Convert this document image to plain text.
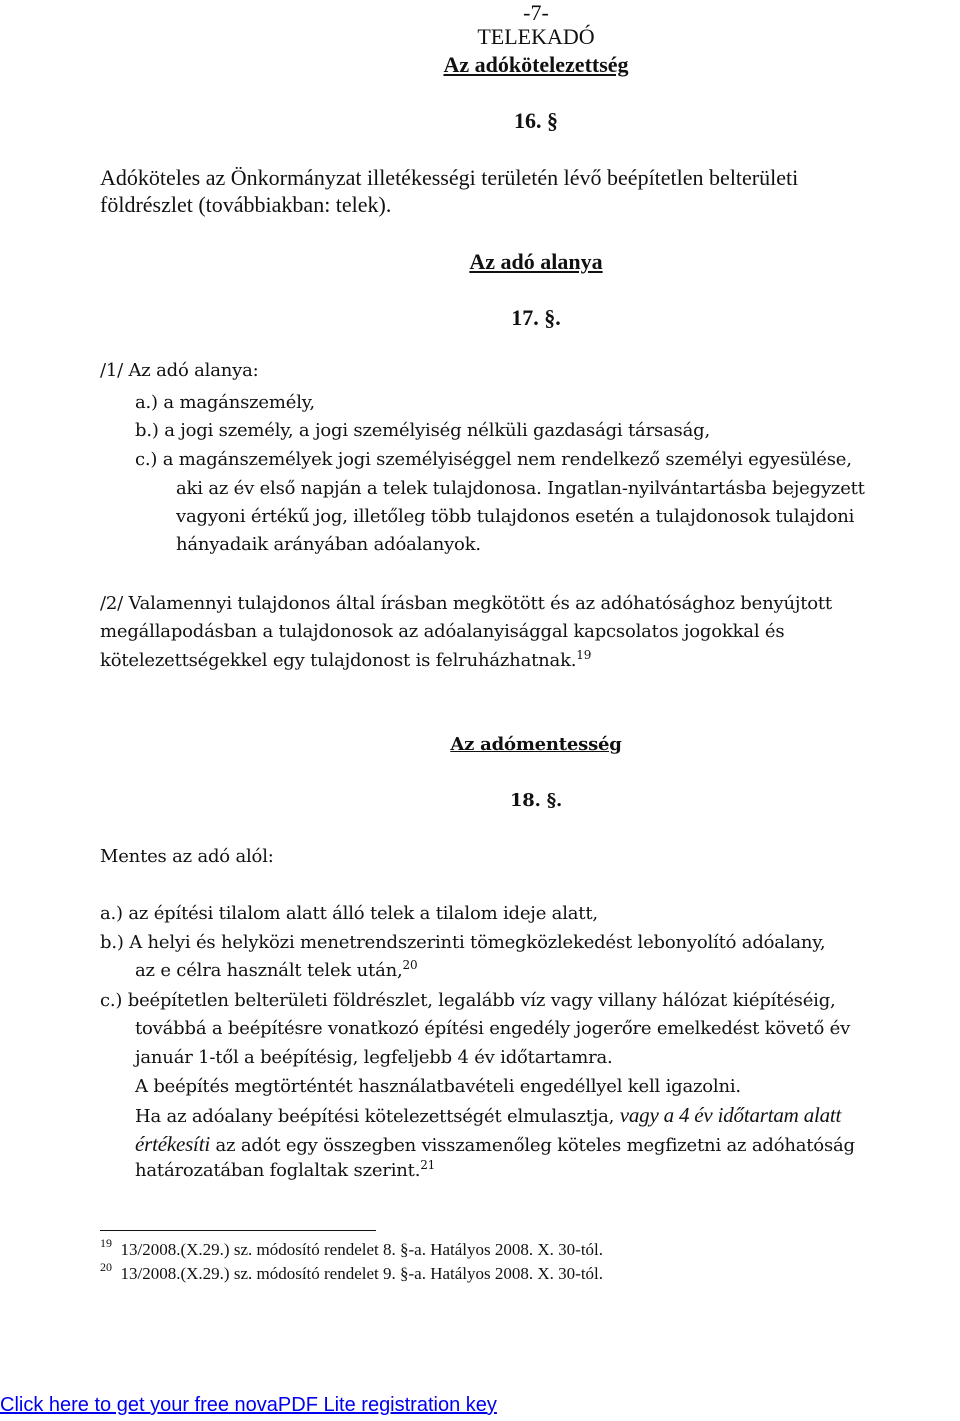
-7-
TELEKADÓ
Az adókötelezettség
16. §
Adóköteles az Önkormányzat illetékességi területén lévő beépítetlen belterületi
földrészlet (továbbiakban: telek).
Az adó alanya
17. §.
/1/ Az adó alanya:
a.) a magánszemély,
b.) a jogi személy, a jogi személyiség nélküli gazdasági társaság,
c.) a magánszemélyek jogi személyiséggel nem rendelkező személyi egyesülése,
aki az év első napján a telek tulajdonosa. Ingatlan-nyilvántartásba bejegyzett
vagyoni értékű jog, illetőleg több tulajdonos esetén a tulajdonosok tulajdoni
hányadaik arányában adóalanyok.
/2/ Valamennyi tulajdonos által írásban megkötött és az adóhatósághoz benyújtott
megállapodásban a tulajdonosok az adóalanyisággal kapcsolatos jogokkal és
kötelezettségekkel egy tulajdonost is felruházhatnak.$^{19}$
Az adómentesség
18. §.
Mentes az adó alól:
a.) az építési tilalom alatt álló telek a tilalom ideje alatt,
b.) A helyi és helyközi menetrendszerinti tömegközlekedést lebonyolító adóalany,
az e célra használt telek után,$^{20}$
c.) beépítetlen belterületi földrészlet, legalább víz vagy villany hálózat kiépítéséig,
továbbá a beépítésre vonatkozó építési engedély jogerőre emelkedést követő év
január 1-től a beépítésig, legfeljebb 4 év időtartamra.
A beépítés megtörténtét használatbavételi engedéllyel kell igazolni.
Ha az adóalany beépítési kötelezettségét elmulasztja, vagy a 4 év időtartam alatt
értékesíti az adót egy összegben visszamenőleg köteles megfizetni az adóhatóság
határozatában foglaltak szerint.$^{21}$
$^{19}$ 13/2008.(X.29.) sz. módosító rendelet 8. §-a. Hatályos 2008. X. 30-tól.
$^{20}$ 13/2008.(X.29.) sz. módosító rendelet 9. §-a. Hatályos 2008. X. 30-tól.
Click here to get your free novaPDF Lite registration key
